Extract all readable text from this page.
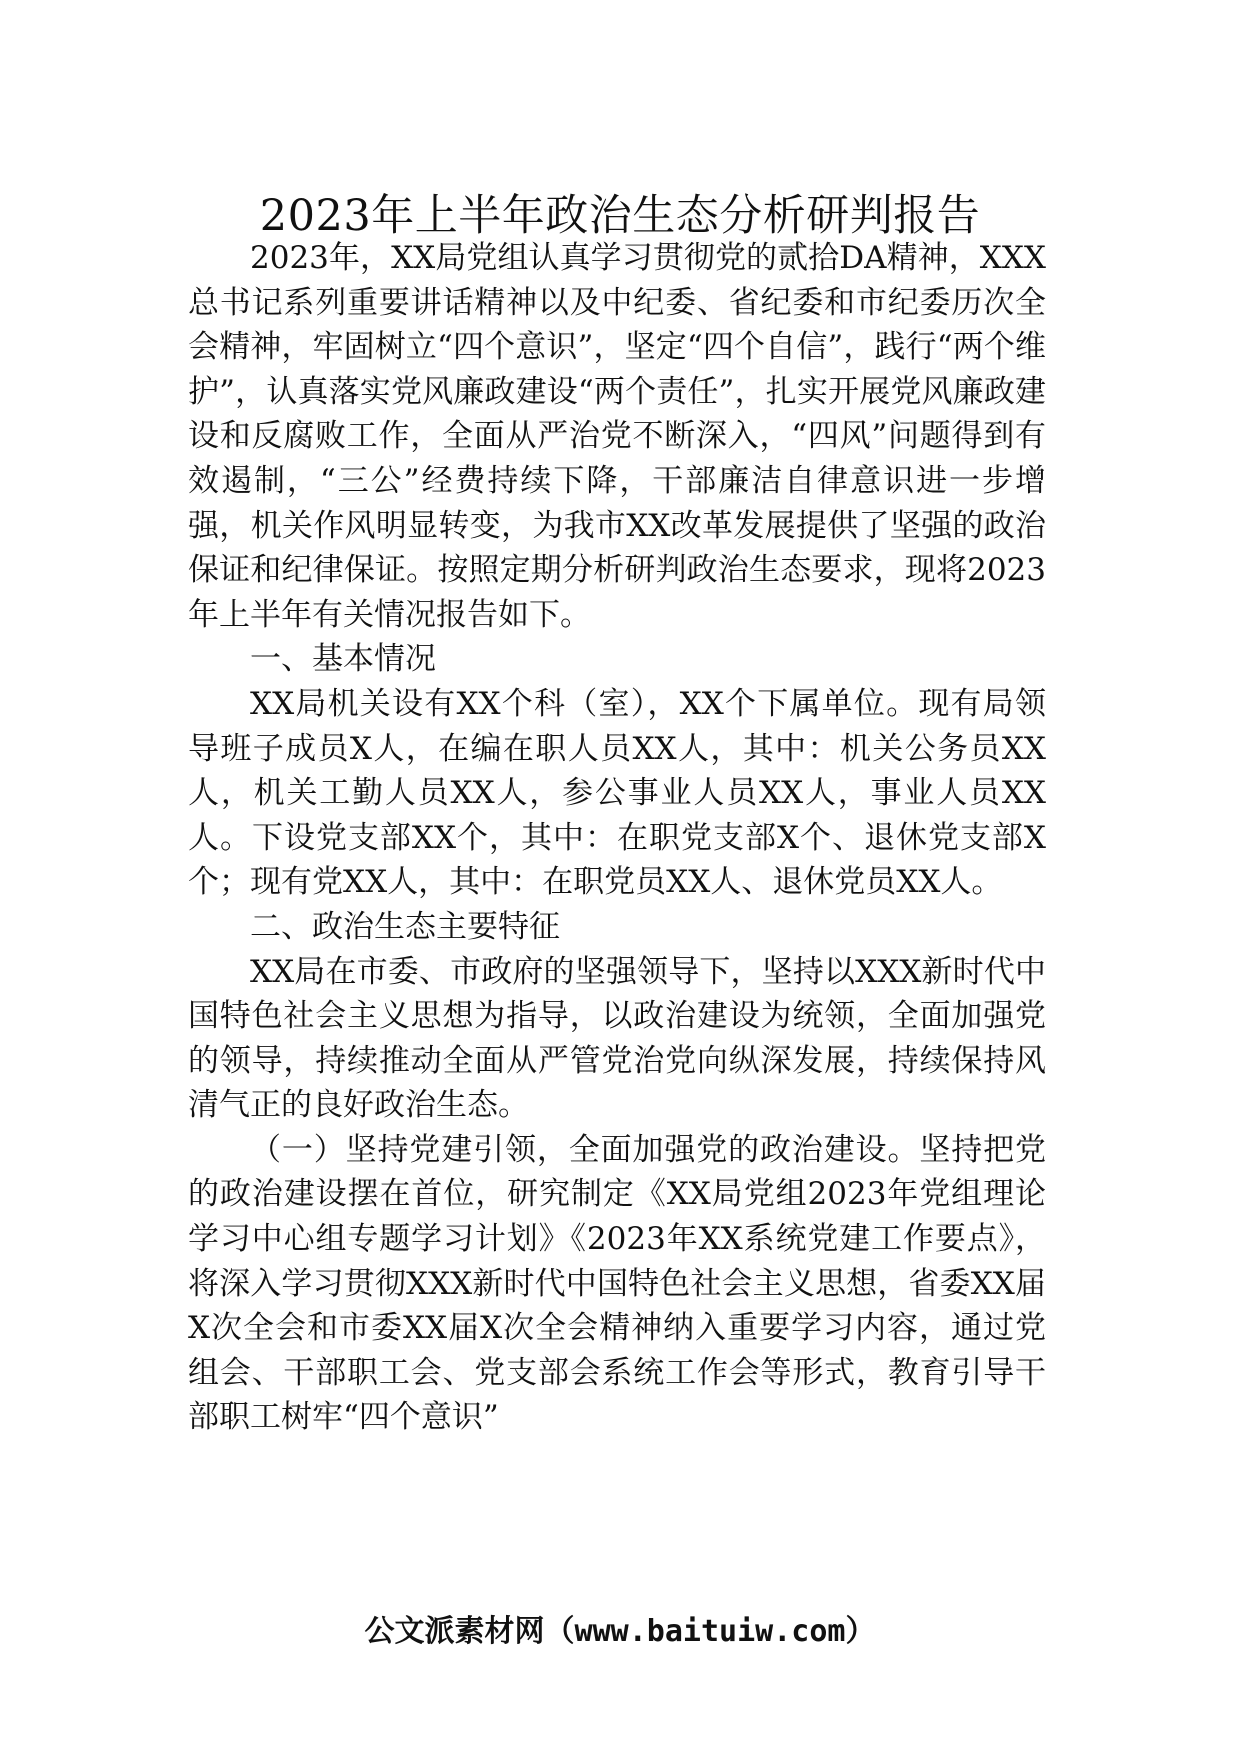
2023年上半年政治生态分析研判报告

2023年，XX局党组认真学习贯彻党的贰拾DA精神，XXX总书记系列重要讲话精神以及中纪委、省纪委和市纪委历次全会精神，牢固树立“四个意识”，坚定“四个自信”，践行“两个维护”，认真落实党风廉政建设“两个责任”，扎实开展党风廉政建设和反腐败工作，全面从严治党不断深入，“四风”问题得到有效遏制，“三公”经费持续下降，干部廉洁自律意识进一步增强，机关作风明显转变，为我市XX改革发展提供了坚强的政治保证和纪律保证。按照定期分析研判政治生态要求，现将2023年上半年有关情况报告如下。

一、基本情况

XX局机关设有XX个科（室），XX个下属单位。现有局领导班子成员X人，在编在职人员XX人，其中：机关公务员XX人，机关工勤人员XX人，参公事业人员XX人，事业人员XX人。下设党支部XX个，其中：在职党支部X个、退休党支部X个；现有党XX人，其中：在职党员XX人、退休党员XX人。

二、政治生态主要特征

XX局在市委、市政府的坚强领导下，坚持以XXX新时代中国特色社会主义思想为指导，以政治建设为统领，全面加强党的领导，持续推动全面从严管党治党向纵深发展，持续保持风清气正的良好政治生态。

（一）坚持党建引领，全面加强党的政治建设。坚持把党的政治建设摆在首位，研究制定《XX局党组2023年党组理论学习中心组专题学习计划》《2023年XX系统党建工作要点》，将深入学习贯彻XXX新时代中国特色社会主义思想，省委XX届X次全会和市委XX届X次全会精神纳入重要学习内容，通过党组会、干部职工会、党支部会系统工作会等形式，教育引导干部职工树牢“四个意识”

公文派素材网（www.baituiw.com）
